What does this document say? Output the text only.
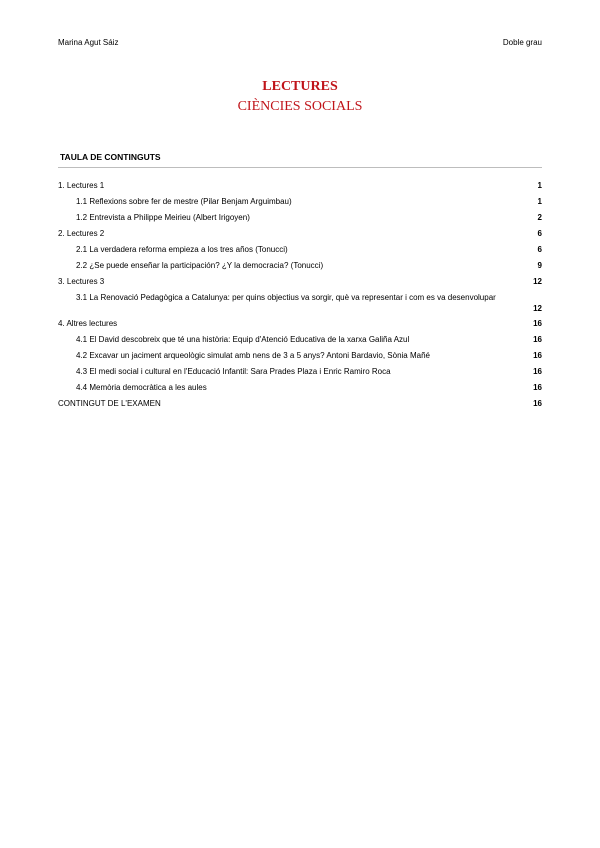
Marina Agut Sáiz	Doble grau
LECTURES
CIÈNCIES SOCIALS
TAULA DE CONTINGUTS
1. Lectures 1	1
1.1 Reflexions sobre fer de mestre (Pilar Benjam Arguimbau)	1
1.2 Entrevista a Philippe Meirieu (Albert Irigoyen)	2
2. Lectures 2	6
2.1 La verdadera reforma empieza a los tres años (Tonucci)	6
2.2 ¿Se puede enseñar la participación? ¿Y la democracia? (Tonucci)	9
3. Lectures 3	12
3.1 La Renovació Pedagògica a Catalunya: per quins objectius va sorgir, què va representar i com es va desenvolupar
12
4. Altres lectures	16
4.1 El David descobreix que té una història: Equip d'Atenció Educativa de la xarxa Galiña Azul	16
4.2 Excavar un jaciment arqueològic simulat amb nens de 3 a 5 anys? Antoni Bardavio, Sònia Mañé	16
4.3 El medi social i cultural en l'Educació Infantil: Sara Prades Plaza i Enric Ramiro Roca	16
4.4 Memòria democràtica a les aules	16
CONTINGUT DE L'EXAMEN	16
